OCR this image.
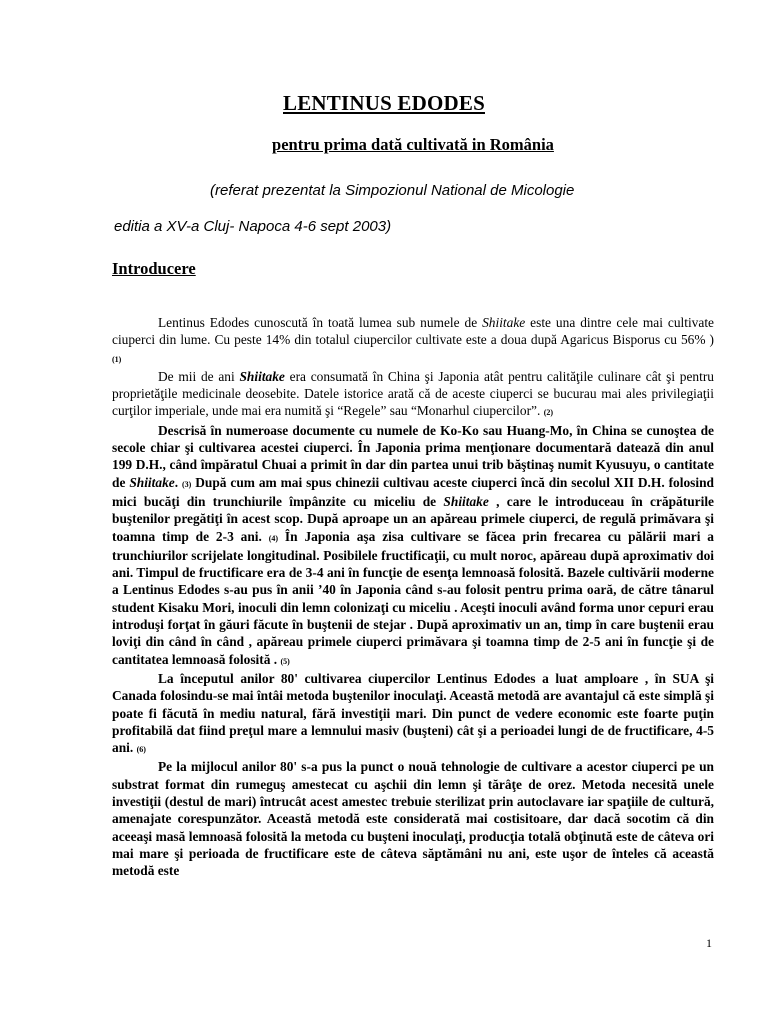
LENTINUS EDODES
pentru prima dată cultivată in România
(referat prezentat la Simpozionul National de Micologie
editia a XV-a Cluj- Napoca 4-6 sept 2003)
Introducere

Lentinus Edodes cunoscută în toată lumea sub numele de Shiitake este una dintre cele mai cultivate ciuperci din lume. Cu peste 14% din totalul ciupercilor cultivate este a doua după Agaricus Bisporus cu 56% ) (1)

De mii de ani Shiitake era consumată în China şi Japonia atât pentru calităţile culinare cât şi pentru proprietăţile medicinale deosebite. Datele istorice arată că de aceste ciuperci se bucurau mai ales privilegiaţii curţilor imperiale, unde mai era numită şi “Regele” sau “Monarhul ciupercilor”. (2)

Descrisă în numeroase documente cu numele de Ko-Ko sau Huang-Mo, în China se cunoştea de secole chiar şi cultivarea acestei ciuperci. În Japonia prima menţionare documentară datează din anul 199 D.H., când împăratul Chuai a primit în dar din partea unui trib băştinaş numit Kyusuyu, o cantitate de Shiitake. (3) După cum am mai spus chinezii cultivau aceste ciuperci încă din secolul XII D.H. folosind mici bucăţi din trunchiurile împânzite cu miceliu de Shiitake , care le introduceau în crăpăturile buştenilor pregătiţi în acest scop. După aproape un an apăreau primele ciuperci, de regulă primăvara şi toamna timp de 2-3 ani. (4) În Japonia aşa zisa cultivare se făcea prin frecarea cu pălării mari a trunchiurilor scrijelate longitudinal. Posibilele fructificaţii, cu mult noroc, apăreau după aproximativ doi ani. Timpul de fructificare era de 3-4 ani în funcţie de esenţa lemnoasă folosită. Bazele cultivării moderne a Lentinus Edodes s-au pus în anii ’40 în Japonia când s-au folosit pentru prima oară, de către tânarul student Kisaku Mori, inoculi din lemn colonizaţi cu miceliu . Aceşti inoculi având forma unor cepuri erau introduşi forţat în găuri făcute în buştenii de stejar . După aproximativ un an, timp în care buştenii erau loviţi din când în când , apăreau primele ciuperci primăvara şi toamna timp de 2-5 ani în funcţie şi de cantitatea lemnoasă folosită . (5)

La începutul anilor 80' cultivarea ciupercilor Lentinus Edodes a luat amploare , în SUA şi Canada folosindu-se mai întâi metoda buştenilor inoculaţi. Această metodă are avantajul că este simplă şi poate fi făcută în mediu natural, fără investiţii mari. Din punct de vedere economic este foarte puţin profitabilă dat fiind preţul mare a lemnului masiv (buşteni) cât şi a perioadei lungi de de fructificare, 4-5 ani. (6)

Pe la mijlocul anilor 80' s-a pus la punct o nouă tehnologie de cultivare a acestor ciuperci pe un substrat format din rumeguş amestecat cu aşchii din lemn şi tărâţe de orez. Metoda necesită unele investiţii (destul de mari) întrucât acest amestec trebuie sterilizat prin autoclavare iar spaţiile de cultură, amenajate corespunzător. Această metodă este considerată mai costisitoare, dar dacă socotim că din aceeaşi masă lemnoasă folosită la metoda cu buşteni inoculaţi, producţia totală obţinută este de câteva ori mai mare şi perioada de fructificare este de câteva săptămâni nu ani, este uşor de înteles că această metodă este

1
